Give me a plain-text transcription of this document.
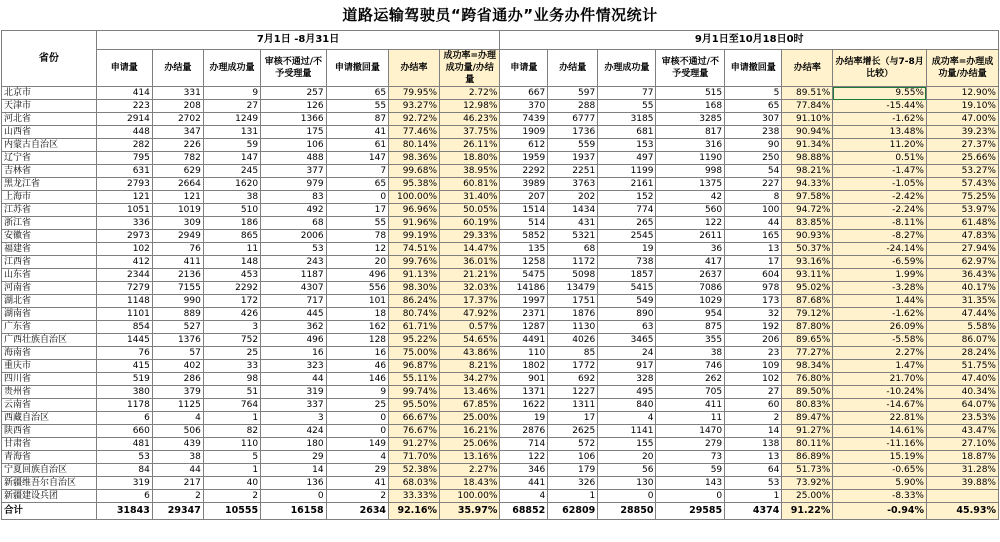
道路运输驾驶员“跨省通办”业务办件情况统计
省份	7月1日 -8月31日							9月1日至10月18日0时							
	申请量	办结量	办理成功量	审核不通过/不予受理量	申请撤回量	办结率	成功率=办理成功量/办结量	申请量	办结量	办理成功量	审核不通过/不予受理量	申请撤回量	办结率	办结率增长（与7-8月比较）	成功率=办理成功量/办结量
北京市	414	331	9	257	65	79.95%	2.72%	667	597	77	515	5	89.51%	9.55%	12.90%
天津市	223	208	27	126	55	93.27%	12.98%	370	288	55	168	65	77.84%	-15.44%	19.10%
河北省	2914	2702	1249	1366	87	92.72%	46.23%	7439	6777	3185	3285	307	91.10%	-1.62%	47.00%
山西省	448	347	131	175	41	77.46%	37.75%	1909	1736	681	817	238	90.94%	13.48%	39.23%
内蒙古自治区	282	226	59	106	61	80.14%	26.11%	612	559	153	316	90	91.34%	11.20%	27.37%
辽宁省	795	782	147	488	147	98.36%	18.80%	1959	1937	497	1190	250	98.88%	0.51%	25.66%
吉林省	631	629	245	377	7	99.68%	38.95%	2292	2251	1199	998	54	98.21%	-1.47%	53.27%
黑龙江省	2793	2664	1620	979	65	95.38%	60.81%	3989	3763	2161	1375	227	94.33%	-1.05%	57.43%
上海市	121	121	38	83	0	100.00%	31.40%	207	202	152	42	8	97.58%	-2.42%	75.25%
江苏省	1051	1019	510	492	17	96.96%	50.05%	1514	1434	774	560	100	94.72%	-2.24%	53.97%
浙江省	336	309	186	68	55	91.96%	60.19%	514	431	265	122	44	83.85%	-8.11%	61.48%
安徽省	2973	2949	865	2006	78	99.19%	29.33%	5852	5321	2545	2611	165	90.93%	-8.27%	47.83%
福建省	102	76	11	53	12	74.51%	14.47%	135	68	19	36	13	50.37%	-24.14%	27.94%
江西省	412	411	148	243	20	99.76%	36.01%	1258	1172	738	417	17	93.16%	-6.59%	62.97%
山东省	2344	2136	453	1187	496	91.13%	21.21%	5475	5098	1857	2637	604	93.11%	1.99%	36.43%
河南省	7279	7155	2292	4307	556	98.30%	32.03%	14186	13479	5415	7086	978	95.02%	-3.28%	40.17%
湖北省	1148	990	172	717	101	86.24%	17.37%	1997	1751	549	1029	173	87.68%	1.44%	31.35%
湖南省	1101	889	426	445	18	80.74%	47.92%	2371	1876	890	954	32	79.12%	-1.62%	47.44%
广东省	854	527	3	362	162	61.71%	0.57%	1287	1130	63	875	192	87.80%	26.09%	5.58%
广西壮族自治区	1445	1376	752	496	128	95.22%	54.65%	4491	4026	3465	355	206	89.65%	-5.58%	86.07%
海南省	76	57	25	16	16	75.00%	43.86%	110	85	24	38	23	77.27%	2.27%	28.24%
重庆市	415	402	33	323	46	96.87%	8.21%	1802	1772	917	746	109	98.34%	1.47%	51.75%
四川省	519	286	98	44	146	55.11%	34.27%	901	692	328	262	102	76.80%	21.70%	47.40%
贵州省	380	379	51	319	9	99.74%	13.46%	1371	1227	495	705	27	89.50%	-10.24%	40.34%
云南省	1178	1125	764	337	25	95.50%	67.85%	1622	1311	840	411	60	80.83%	-14.67%	64.07%
西藏自治区	6	4	1	3	0	66.67%	25.00%	19	17	4	11	2	89.47%	22.81%	23.53%
陕西省	660	506	82	424	0	76.67%	16.21%	2876	2625	1141	1470	14	91.27%	14.61%	43.47%
甘肃省	481	439	110	180	149	91.27%	25.06%	714	572	155	279	138	80.11%	-11.16%	27.10%
青海省	53	38	5	29	4	71.70%	13.16%	122	106	20	73	13	86.89%	15.19%	18.87%
宁夏回族自治区	84	44	1	14	29	52.38%	2.27%	346	179	56	59	64	51.73%	-0.65%	31.28%
新疆维吾尔自治区	319	217	40	136	41	68.03%	18.43%	441	326	130	143	53	73.92%	5.90%	39.88%
新疆建设兵团	6	2	2	0	2	33.33%	100.00%	4	1	0	0	1	25.00%	-8.33%	
合计	31843	29347	10555	16158	2634	92.16%	35.97%	68852	62809	28850	29585	4374	91.22%	-0.94%	45.93%
